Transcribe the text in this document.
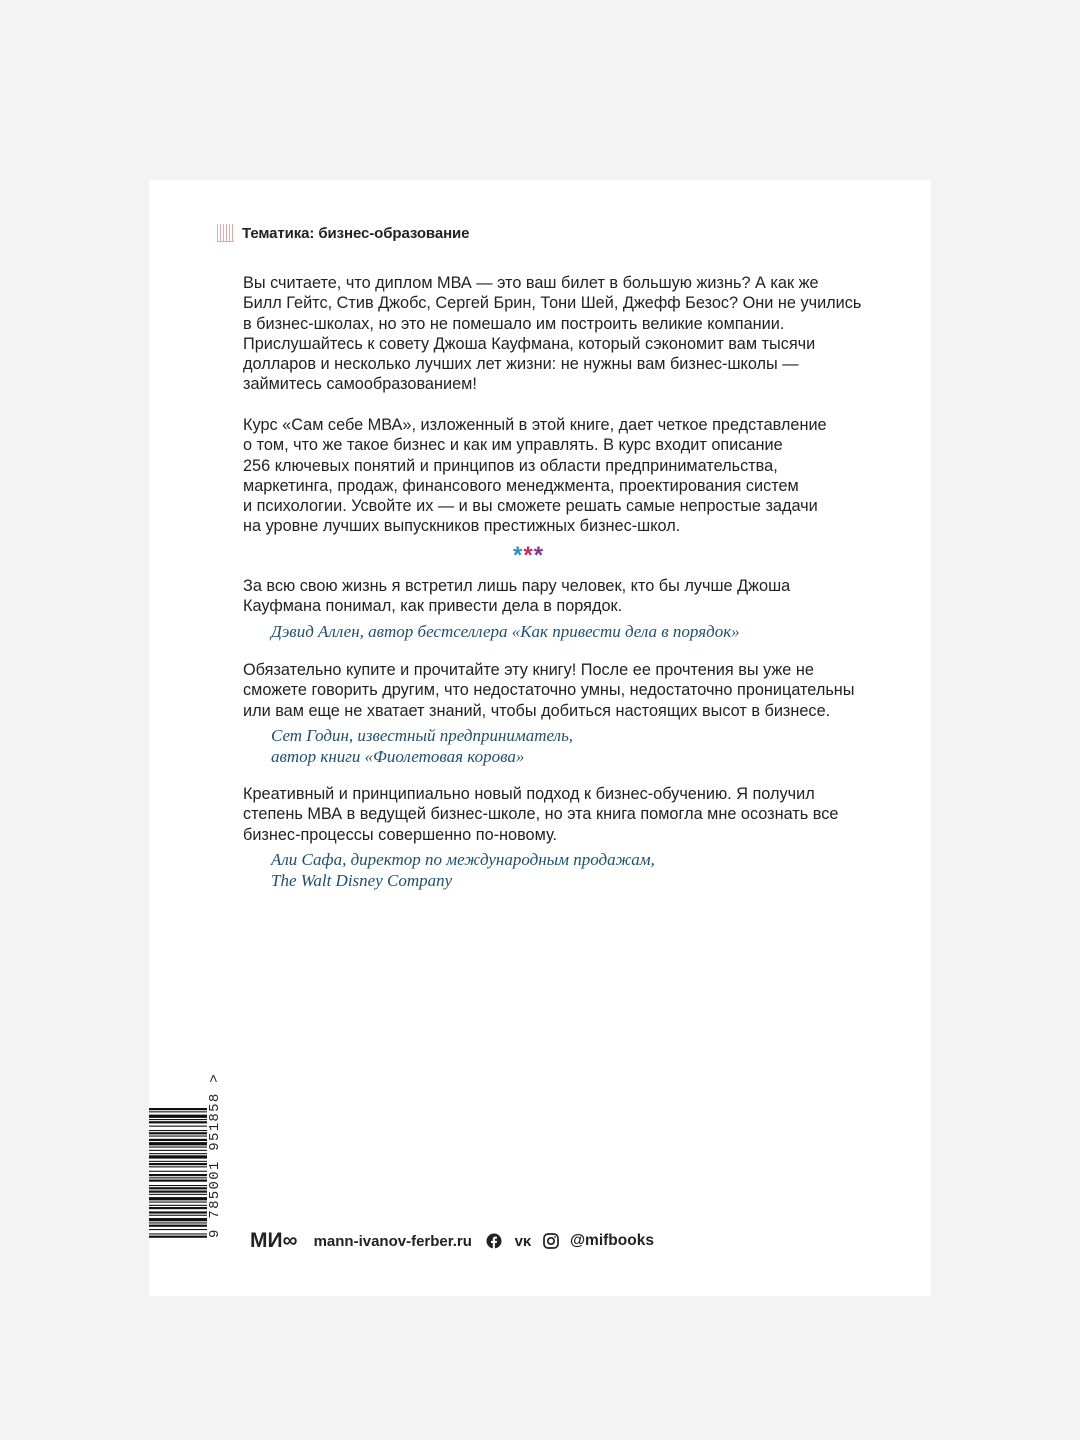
Тематика: бизнес-образование
Вы считаете, что диплом МВА — это ваш билет в большую жизнь? А как же
Билл Гейтс, Стив Джобс, Сергей Брин, Тони Шей, Джефф Безос? Они не учились
в бизнес-школах, но это не помешало им построить великие компании.
Прислушайтесь к совету Джоша Кауфмана, который сэкономит вам тысячи
долларов и несколько лучших лет жизни: не нужны вам бизнес-школы —
займитесь самообразованием!
Курс «Сам себе МВА», изложенный в этой книге, дает четкое представление
о том, что же такое бизнес и как им управлять. В курс входит описание
256 ключевых понятий и принципов из области предпринимательства,
маркетинга, продаж, финансового менеджмента, проектирования систем
и психологии. Усвойте их — и вы сможете решать самые непростые задачи
на уровне лучших выпускников престижных бизнес-школ.
***
За всю свою жизнь я встретил лишь пару человек, кто бы лучше Джоша
Кауфмана понимал, как привести дела в порядок.
Дэвид Аллен, автор бестселлера «Как привести дела в порядок»
Обязательно купите и прочитайте эту книгу! После ее прочтения вы уже не
сможете говорить другим, что недостаточно умны, недостаточно проницательны
или вам еще не хватает знаний, чтобы добиться настоящих высот в бизнесе.
Сет Годин, известный предприниматель,
автор книги «Фиолетовая корова»
Креативный и принципиально новый подход к бизнес-обучению. Я получил
степень МВА в ведущей бизнес-школе, но эта книга помогла мне осознать все
бизнес-процессы совершенно по-новому.
Али Сафа, директор по международным продажам,
The Walt Disney Company
9 785001 951858 >
МИ∞ mann-ivanov-ferber.ru	ᴠᴋ @mifbooks
